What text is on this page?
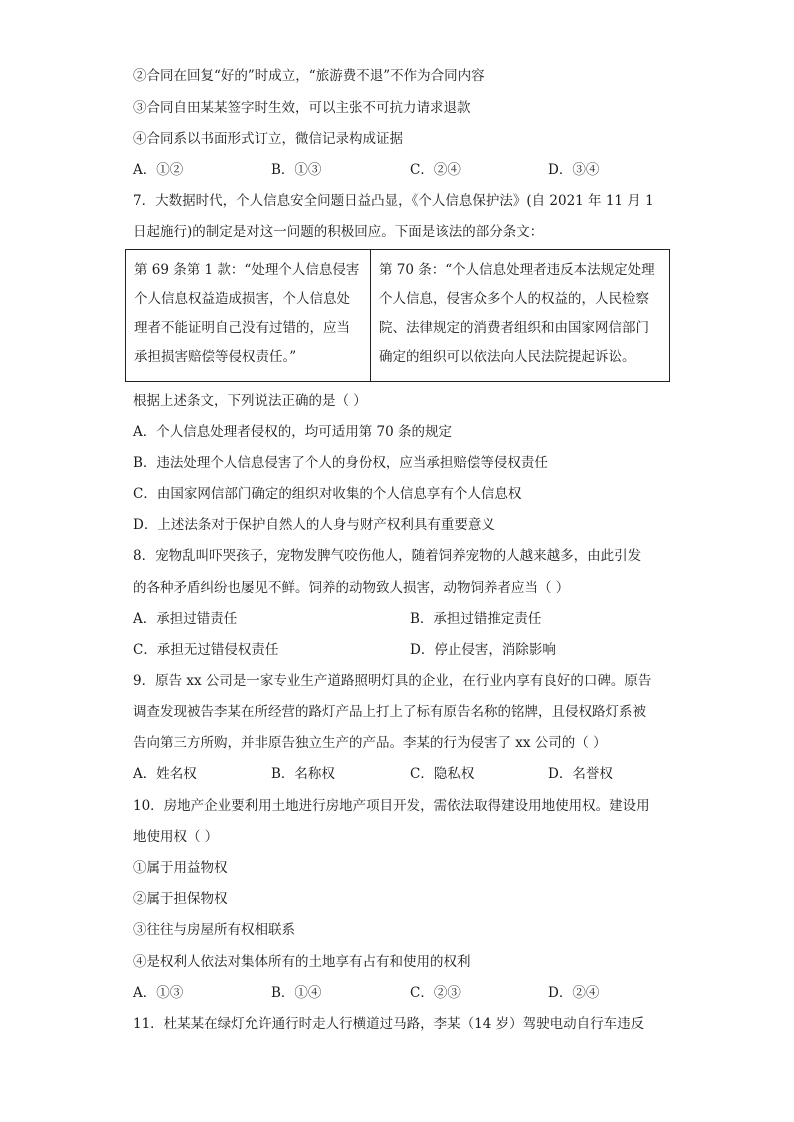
②合同在回复“好的”时成立，“旅游费不退”不作为合同内容
③合同自田某某签字时生效，可以主张不可抗力请求退款
④合同系以书面形式订立，微信记录构成证据
A．①②	B．①③	C．②④	D．③④
7．大数据时代，个人信息安全问题日益凸显，《个人信息保护法》(自 2021 年 11 月 1
日起施行)的制定是对这一问题的积极回应。下面是该法的部分条文：
第 69 条第 1 款：“处理个人信息侵害
个人信息权益造成损害，个人信息处
理者不能证明自己没有过错的，应当
承担损害赔偿等侵权责任。”
第 70 条：“个人信息处理者违反本法规定处理
个人信息，侵害众多个人的权益的，人民检察
院、法律规定的消费者组织和由国家网信部门
确定的组织可以依法向人民法院提起诉讼。
根据上述条文，下列说法正确的是（ ）
A．个人信息处理者侵权的，均可适用第 70 条的规定
B．违法处理个人信息侵害了个人的身份权，应当承担赔偿等侵权责任
C．由国家网信部门确定的组织对收集的个人信息享有个人信息权
D．上述法条对于保护自然人的人身与财产权利具有重要意义
8．宠物乱叫吓哭孩子，宠物发脾气咬伤他人，随着饲养宠物的人越来越多，由此引发
的各种矛盾纠纷也屡见不鲜。饲养的动物致人损害，动物饲养者应当（ ）
A．承担过错责任	B．承担过错推定责任
C．承担无过错侵权责任	D．停止侵害，消除影响
9．原告 xx 公司是一家专业生产道路照明灯具的企业，在行业内享有良好的口碑。原告
调查发现被告李某在所经营的路灯产品上打上了标有原告名称的铭牌，且侵权路灯系被
告向第三方所购，并非原告独立生产的产品。李某的行为侵害了 xx 公司的（ ）
A．姓名权	B．名称权	C．隐私权	D．名誉权
10．房地产企业要利用土地进行房地产项目开发，需依法取得建设用地使用权。建设用
地使用权（ ）
①属于用益物权
②属于担保物权
③往往与房屋所有权相联系
④是权利人依法对集体所有的土地享有占有和使用的权利
A．①③	B．①④	C．②③	D．②④
11．杜某某在绿灯允许通行时走人行横道过马路，李某（14 岁）驾驶电动自行车违反
